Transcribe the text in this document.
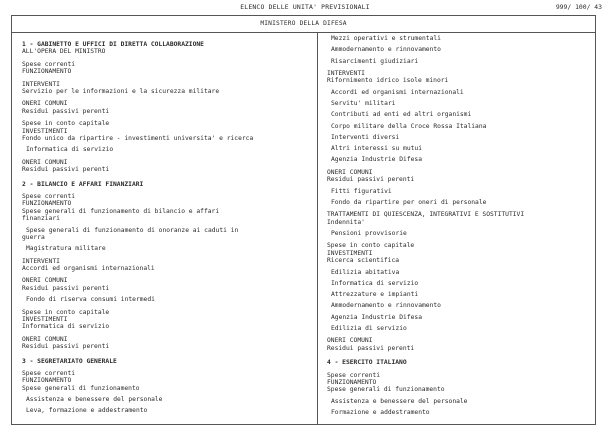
ELENCO DELLE UNITA' PREVISIONALI	999/ 100/ 43
MINISTERO DELLA DIFESA
1 - GABINETTO E UFFICI DI DIRETTA COLLABORAZIONE
ALL'OPERA DEL MINISTRO
Spese correnti
FUNZIONAMENTO
INTERVENTI
Servizio per le informazioni e la sicurezza militare
ONERI COMUNI
Residui passivi perenti
Spese in conto capitale
INVESTIMENTI
Fondo unico da ripartire - investimenti universita' e ricerca
Informatica di servizio
ONERI COMUNI
Residui passivi perenti
2 - BILANCIO E AFFARI FINANZIARI
Spese correnti
FUNZIONAMENTO
Spese generali di funzionamento di bilancio e affari
finanziari
Spese generali di funzionamento di onoranze ai caduti in
guerra
Magistratura militare
INTERVENTI
Accordi ed organismi internazionali
ONERI COMUNI
Residui passivi perenti
Fondo di riserva consumi intermedi
Spese in conto capitale
INVESTIMENTI
Informatica di servizio
ONERI COMUNI
Residui passivi perenti
3 - SEGRETARIATO GENERALE
Spese correnti
FUNZIONAMENTO
Spese generali di funzionamento
Assistenza e benessere del personale
Leva, formazione e addestramento
Mezzi operativi e strumentali
Ammodernamento e rinnovamento
Risarcimenti giudiziari
INTERVENTI
Rifornimento idrico isole minori
Accordi ed organismi internazionali
Servitu' militari
Contributi ad enti ed altri organismi
Corpo militare della Croce Rossa Italiana
Interventi diversi
Altri interessi su mutui
Agenzia Industrie Difesa
ONERI COMUNI
Residui passivi perenti
Fitti figurativi
Fondo da ripartire per oneri di personale
TRATTAMENTI DI QUIESCENZA, INTEGRATIVI E SOSTITUTIVI
Indennita'
Pensioni provvisorie
Spese in conto capitale
INVESTIMENTI
Ricerca scientifica
Edilizia abitativa
Informatica di servizio
Attrezzature e impianti
Ammodernamento e rinnovamento
Agenzia Industrie Difesa
Edilizia di servizio
ONERI COMUNI
Residui passivi perenti
4 - ESERCITO ITALIANO
Spese correnti
FUNZIONAMENTO
Spese generali di funzionamento
Assistenza e benessere del personale
Formazione e addestramento
